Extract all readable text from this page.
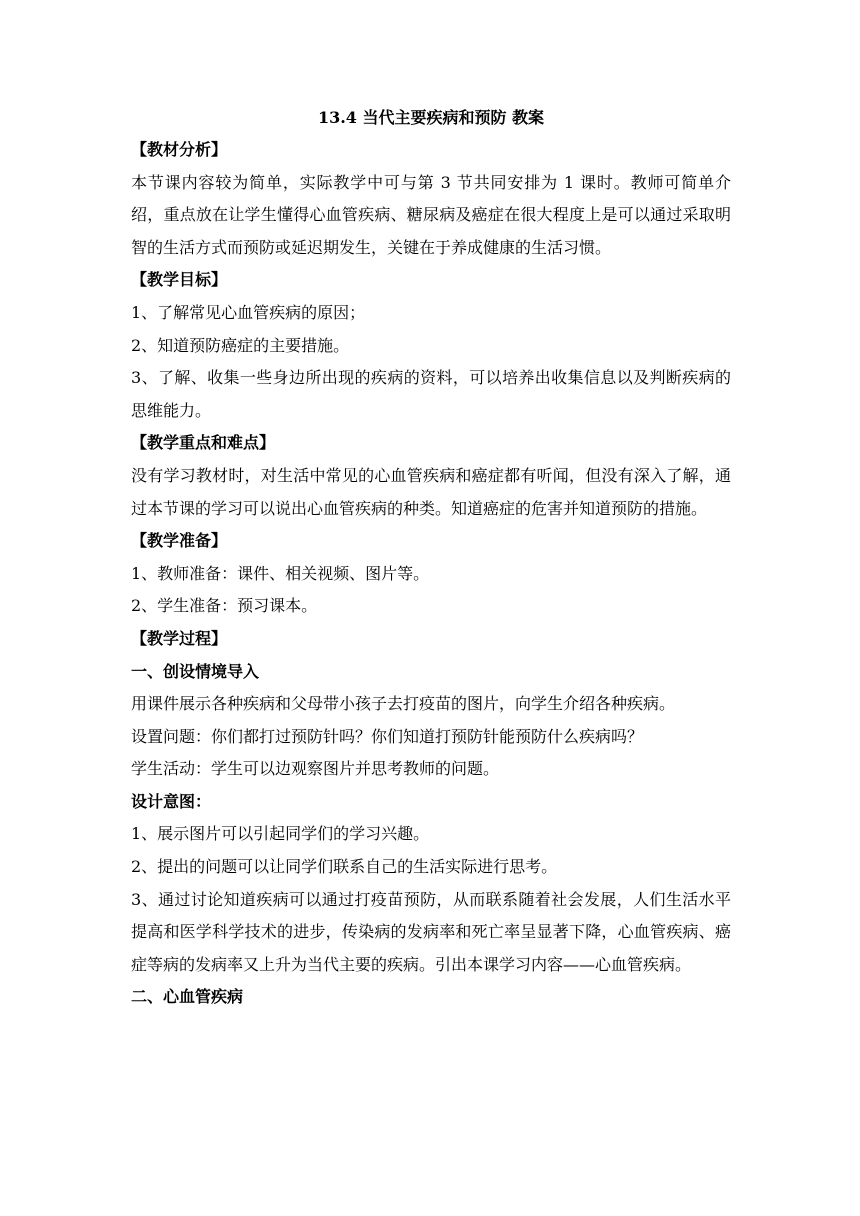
13.4 当代主要疾病和预防 教案

【教材分析】

本节课内容较为简单，实际教学中可与第 3 节共同安排为 1 课时。教师可简单介绍，重点放在让学生懂得心血管疾病、糖尿病及癌症在很大程度上是可以通过采取明智的生活方式而预防或延迟期发生，关键在于养成健康的生活习惯。

【教学目标】

1、了解常见心血管疾病的原因；

2、知道预防癌症的主要措施。

3、了解、收集一些身边所出现的疾病的资料，可以培养出收集信息以及判断疾病的思维能力。

【教学重点和难点】

没有学习教材时，对生活中常见的心血管疾病和癌症都有听闻，但没有深入了解，通过本节课的学习可以说出心血管疾病的种类。知道癌症的危害并知道预防的措施。

【教学准备】

1、教师准备：课件、相关视频、图片等。

2、学生准备：预习课本。

【教学过程】

一、创设情境导入

用课件展示各种疾病和父母带小孩子去打疫苗的图片，向学生介绍各种疾病。

设置问题：你们都打过预防针吗？你们知道打预防针能预防什么疾病吗？

学生活动：学生可以边观察图片并思考教师的问题。

设计意图：

1、展示图片可以引起同学们的学习兴趣。

2、提出的问题可以让同学们联系自己的生活实际进行思考。

3、通过讨论知道疾病可以通过打疫苗预防，从而联系随着社会发展，人们生活水平提高和医学科学技术的进步，传染病的发病率和死亡率呈显著下降，心血管疾病、癌症等病的发病率又上升为当代主要的疾病。引出本课学习内容——心血管疾病。

二、心血管疾病
